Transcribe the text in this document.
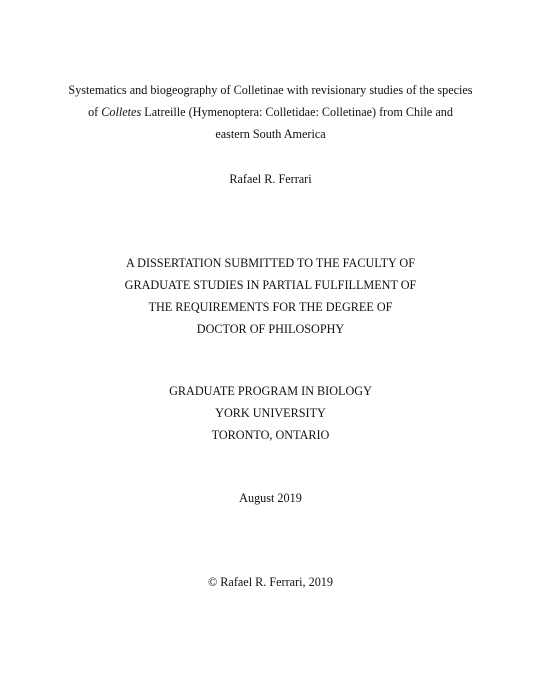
Systematics and biogeography of Colletinae with revisionary studies of the species
of Colletes Latreille (Hymenoptera: Colletidae: Colletinae) from Chile and
eastern South America
Rafael R. Ferrari
A DISSERTATION SUBMITTED TO THE FACULTY OF
GRADUATE STUDIES IN PARTIAL FULFILLMENT OF
THE REQUIREMENTS FOR THE DEGREE OF
DOCTOR OF PHILOSOPHY
GRADUATE PROGRAM IN BIOLOGY
YORK UNIVERSITY
TORONTO, ONTARIO
August 2019
© Rafael R. Ferrari, 2019
